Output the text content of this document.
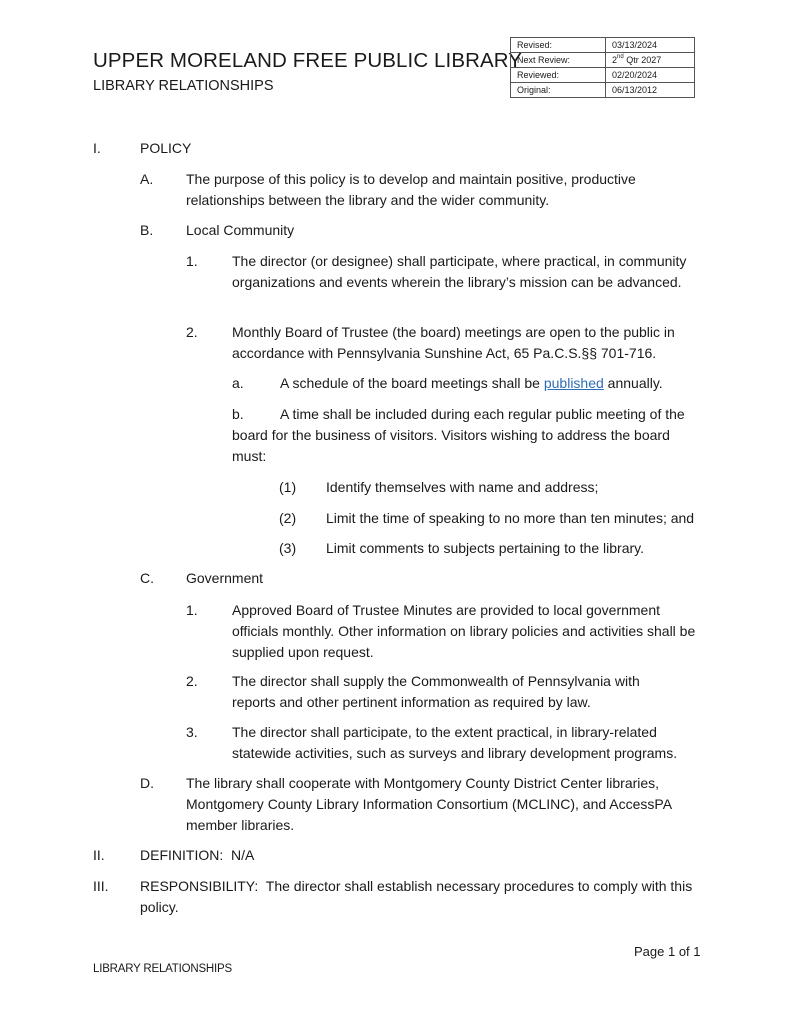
UPPER MORELAND FREE PUBLIC LIBRARY
LIBRARY RELATIONSHIPS
Revised:	03/13/2024
Next Review:	2nd Qtr 2027
Reviewed:	02/20/2024
Original:	06/13/2012
I.	POLICY
A. The purpose of this policy is to develop and maintain positive, productive relationships between the library and the wider community.
B. Local Community
1. The director (or designee) shall participate, where practical, in community organizations and events wherein the library’s mission can be advanced.
2. Monthly Board of Trustee (the board) meetings are open to the public in accordance with Pennsylvania Sunshine Act, 65 Pa.C.S.§§ 701-716.
a.	A schedule of the board meetings shall be published annually.
b.	A time shall be included during each regular public meeting of the board for the business of visitors. Visitors wishing to address the board must:
(1) Identify themselves with name and address;
(2) Limit the time of speaking to no more than ten minutes; and
(3) Limit comments to subjects pertaining to the library.
C. Government
1. Approved Board of Trustee Minutes are provided to local government officials monthly. Other information on library policies and activities shall be supplied upon request.
2. The director shall supply the Commonwealth of Pennsylvania with reports and other pertinent information as required by law.
3. The director shall participate, to the extent practical, in library-related statewide activities, such as surveys and library development programs.
D. The library shall cooperate with Montgomery County District Center libraries, Montgomery County Library Information Consortium (MCLINC), and AccessPA member libraries.
II.	DEFINITION:  N/A
III. RESPONSIBILITY:  The director shall establish necessary procedures to comply with this policy.
Page 1 of 1
LIBRARY RELATIONSHIPS
